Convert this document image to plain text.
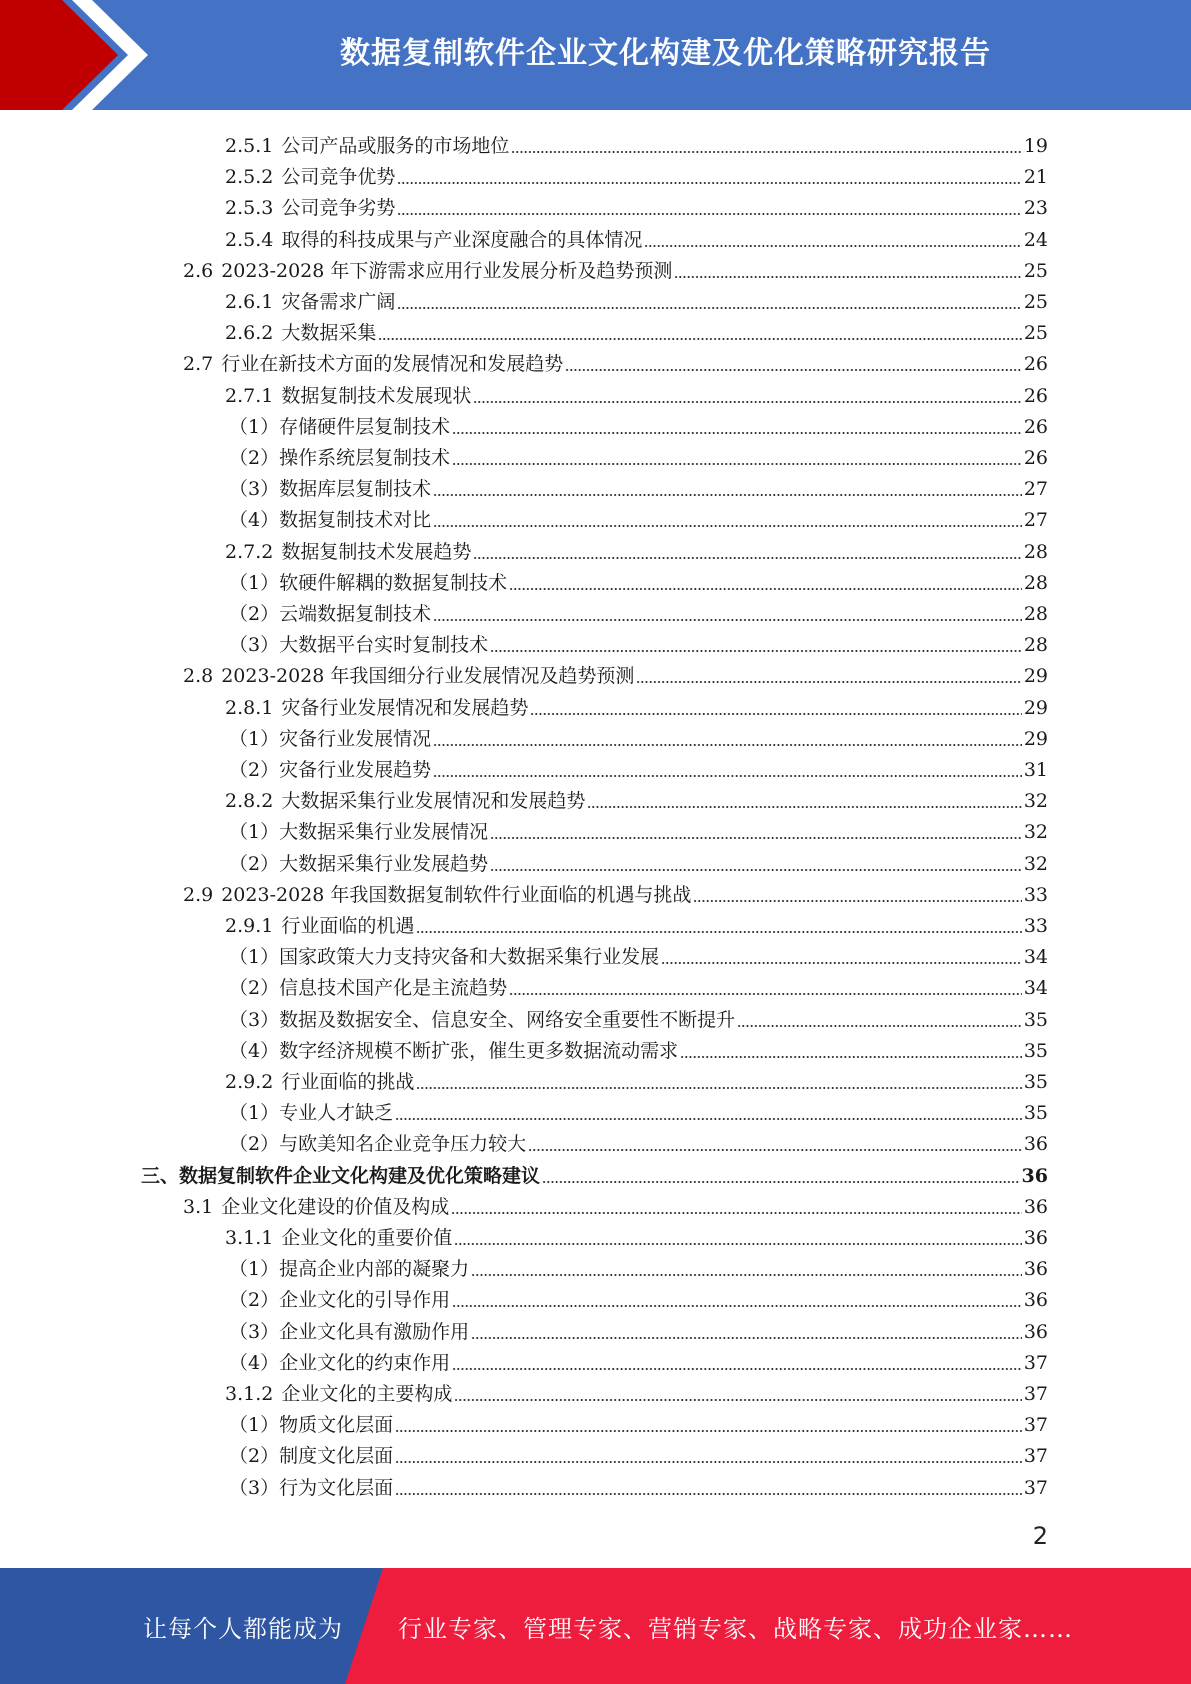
数据复制软件企业文化构建及优化策略研究报告
2.5.1 公司产品或服务的市场地位	19
2.5.2 公司竞争优势	21
2.5.3 公司竞争劣势	23
2.5.4 取得的科技成果与产业深度融合的具体情况	24
2.6 2023-2028 年下游需求应用行业发展分析及趋势预测	25
2.6.1 灾备需求广阔	25
2.6.2 大数据采集	25
2.7 行业在新技术方面的发展情况和发展趋势	26
2.7.1 数据复制技术发展现状	26
（1） 存储硬件层复制技术	26
（2） 操作系统层复制技术	26
（3） 数据库层复制技术	27
（4） 数据复制技术对比	27
2.7.2 数据复制技术发展趋势	28
（1） 软硬件解耦的数据复制技术	28
（2） 云端数据复制技术	28
（3） 大数据平台实时复制技术	28
2.8 2023-2028 年我国细分行业发展情况及趋势预测	29
2.8.1 灾备行业发展情况和发展趋势	29
（1） 灾备行业发展情况	29
（2） 灾备行业发展趋势	31
2.8.2 大数据采集行业发展情况和发展趋势	32
（1） 大数据采集行业发展情况	32
（2） 大数据采集行业发展趋势	32
2.9 2023-2028 年我国数据复制软件行业面临的机遇与挑战	33
2.9.1 行业面临的机遇	33
（1） 国家政策大力支持灾备和大数据采集行业发展	34
（2） 信息技术国产化是主流趋势	34
（3） 数据及数据安全、信息安全、网络安全重要性不断提升	35
（4） 数字经济规模不断扩张，催生更多数据流动需求	35
2.9.2 行业面临的挑战	35
（1） 专业人才缺乏	35
（2） 与欧美知名企业竞争压力较大	36
三、 数据复制软件企业文化构建及优化策略建议	36
3.1 企业文化建设的价值及构成	36
3.1.1 企业文化的重要价值	36
（1） 提高企业内部的凝聚力	36
（2） 企业文化的引导作用	36
（3） 企业文化具有激励作用	36
（4） 企业文化的约束作用	37
3.1.2 企业文化的主要构成	37
（1） 物质文化层面	37
（2） 制度文化层面	37
（3） 行为文化层面	37
2
让每个人都能成为 行业专家、管理专家、营销专家、战略专家、成功企业家……
